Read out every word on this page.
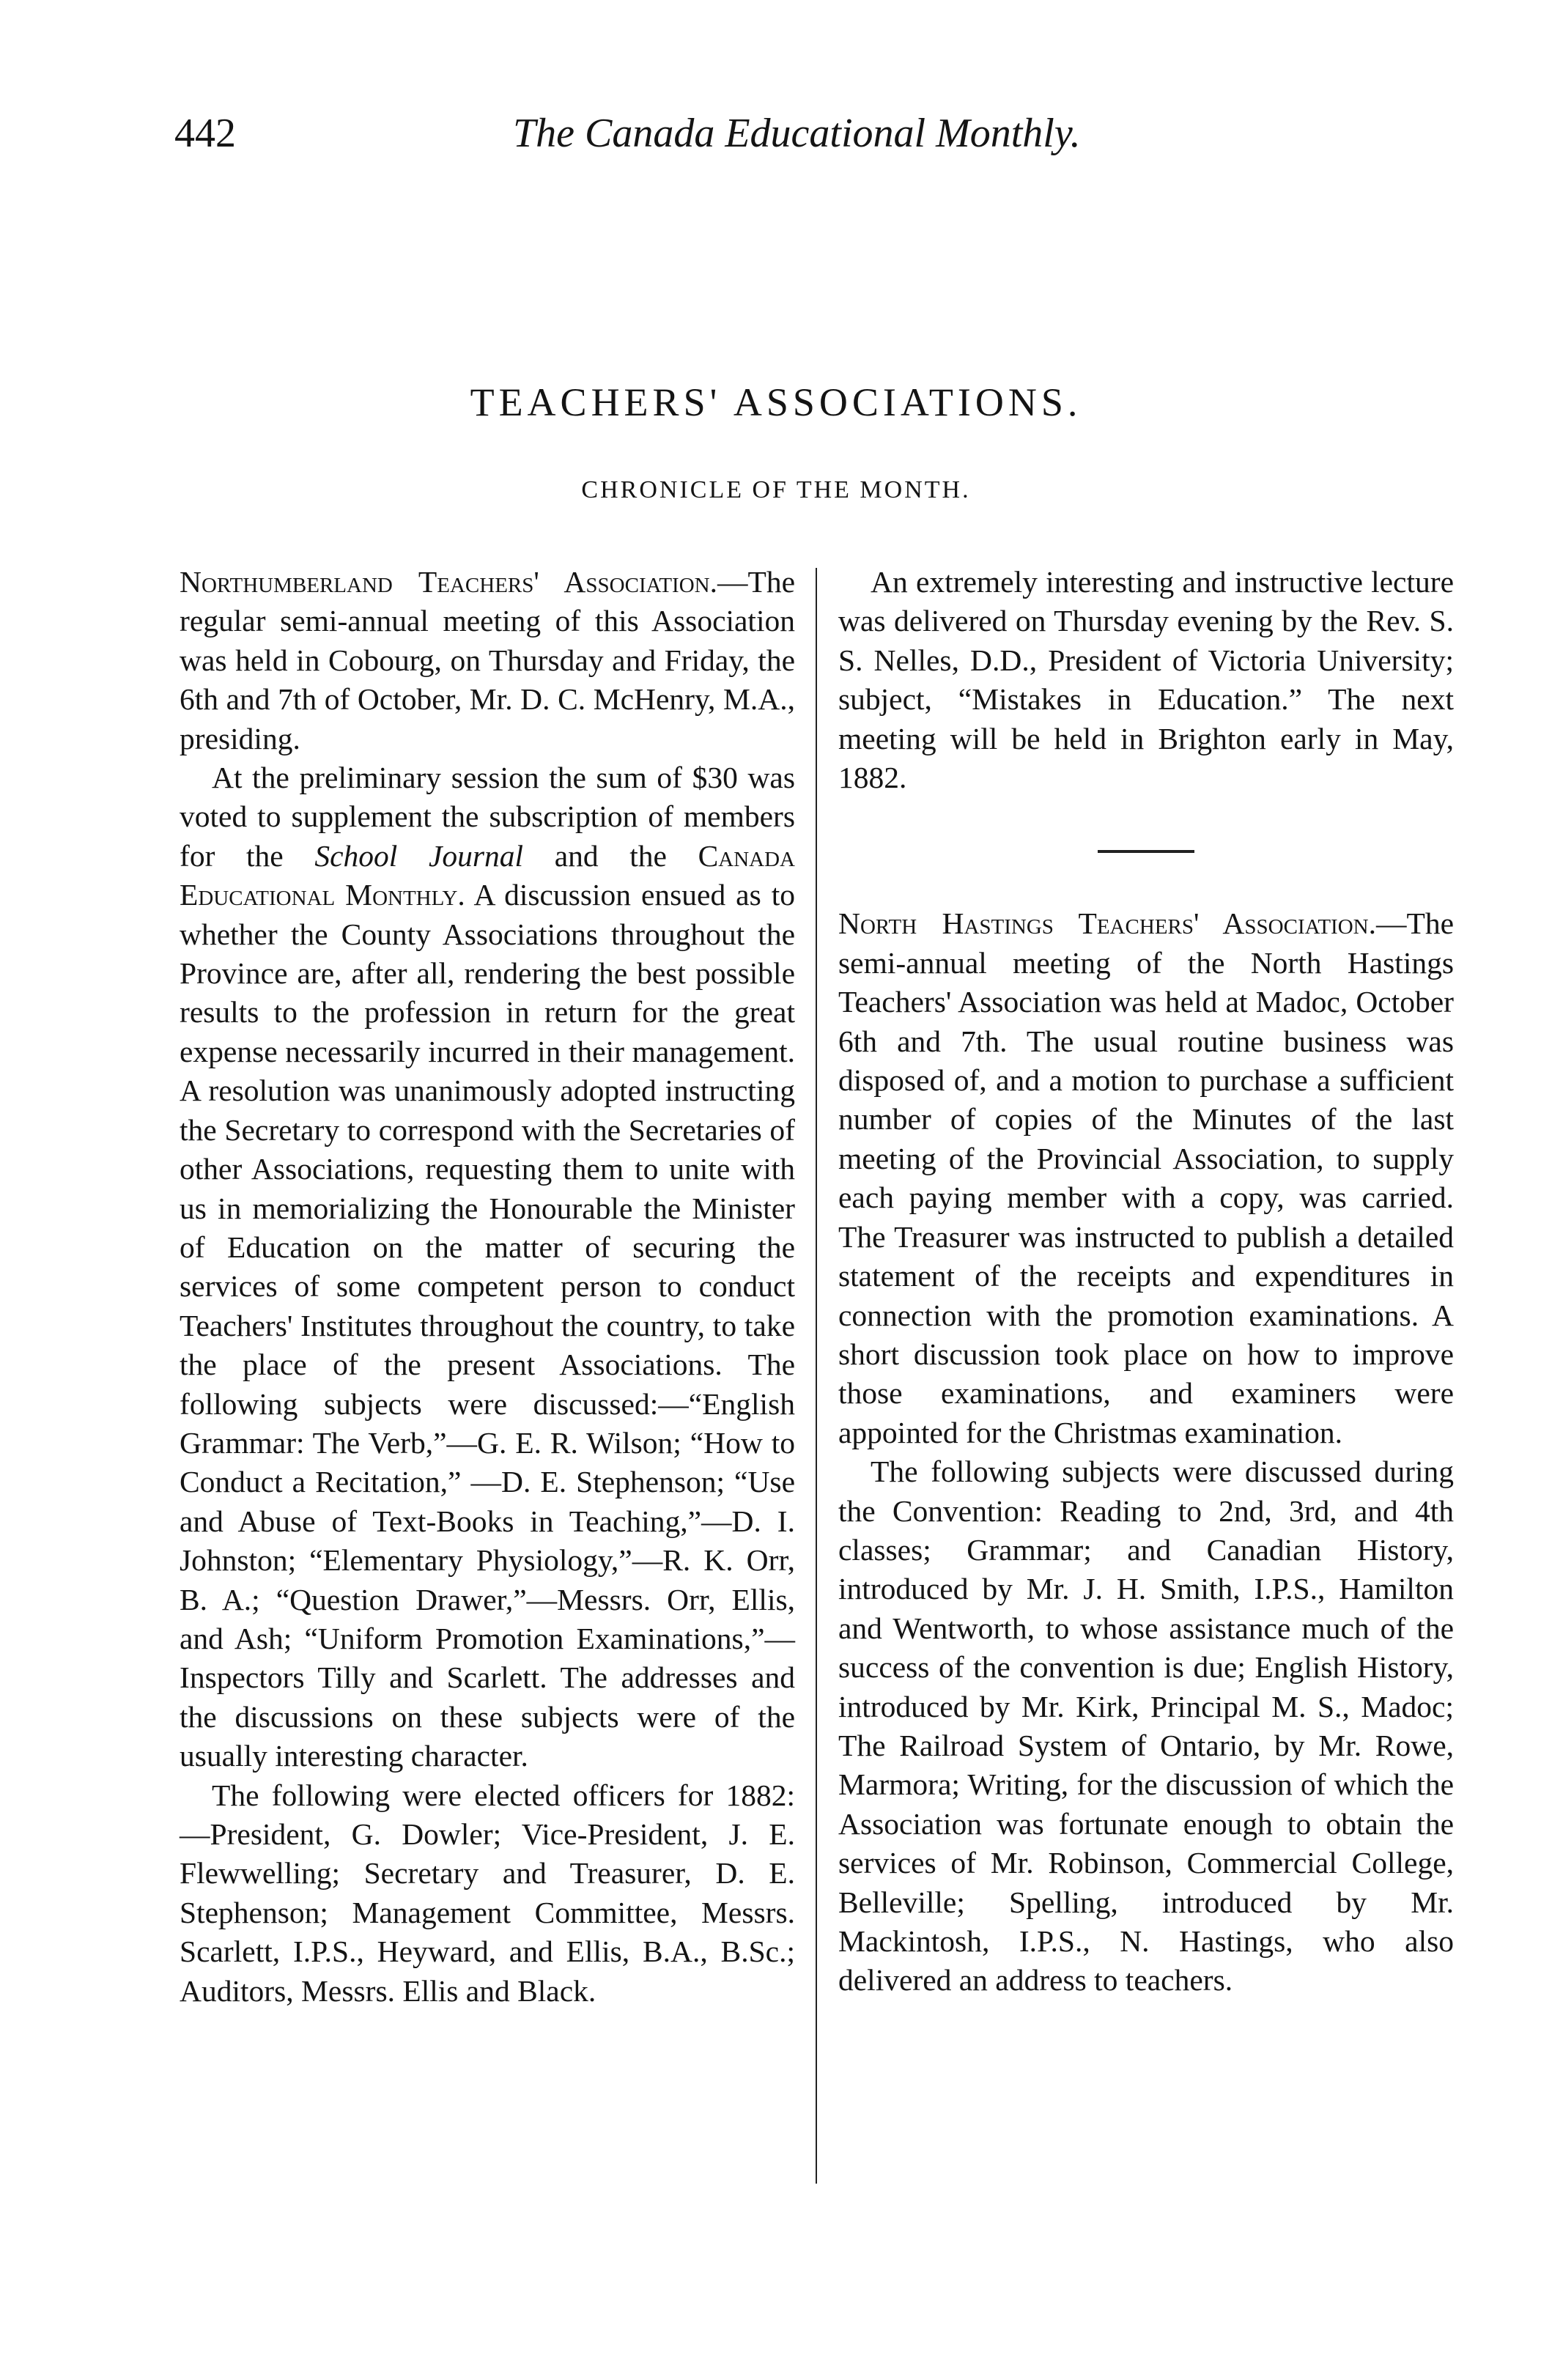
442	The Canada Educational Monthly.
TEACHERS' ASSOCIATIONS.
CHRONICLE OF THE MONTH.

Northumberland Teachers' Association.—The regular semi-annual meeting of this Association was held in Cobourg, on Thursday and Friday, the 6th and 7th of October, Mr. D. C. McHenry, M.A., presiding.

At the preliminary session the sum of $30 was voted to supplement the subscription of members for the School Journal and the Canada Educational Monthly. A discussion ensued as to whether the County Associations throughout the Province are, after all, rendering the best possible results to the profession in return for the great expense necessarily incurred in their management. A resolution was unanimously adopted instructing the Secretary to correspond with the Secretaries of other Associations, requesting them to unite with us in memorializing the Honourable the Minister of Education on the matter of securing the services of some competent person to conduct Teachers' Institutes throughout the country, to take the place of the present Associations. The following subjects were discussed:—“English Grammar: The Verb,”—G. E. R. Wilson; “How to Conduct a Recitation,” —D. E. Stephenson; “Use and Abuse of Text-Books in Teaching,”—D. I. Johnston; “Elementary Physiology,”—R. K. Orr, B. A.; “Question Drawer,”—Messrs. Orr, Ellis, and Ash; “Uniform Promotion Examinations,”—Inspectors Tilly and Scarlett. The addresses and the discussions on these subjects were of the usually interesting character.

The following were elected officers for 1882:—President, G. Dowler; Vice-President, J. E. Flewwelling; Secretary and Treasurer, D. E. Stephenson; Management Committee, Messrs. Scarlett, I.P.S., Heyward, and Ellis, B.A., B.Sc.; Auditors, Messrs. Ellis and Black.

An extremely interesting and instructive lecture was delivered on Thursday evening by the Rev. S. S. Nelles, D.D., President of Victoria University; subject, “Mistakes in Education.” The next meeting will be held in Brighton early in May, 1882.

North Hastings Teachers' Association.—The semi-annual meeting of the North Hastings Teachers' Association was held at Madoc, October 6th and 7th. The usual routine business was disposed of, and a motion to purchase a sufficient number of copies of the Minutes of the last meeting of the Provincial Association, to supply each paying member with a copy, was carried. The Treasurer was instructed to publish a detailed statement of the receipts and expenditures in connection with the promotion examinations. A short discussion took place on how to improve those examinations, and examiners were appointed for the Christmas examination.

The following subjects were discussed during the Convention: Reading to 2nd, 3rd, and 4th classes; Grammar; and Canadian History, introduced by Mr. J. H. Smith, I.P.S., Hamilton and Wentworth, to whose assistance much of the success of the convention is due; English History, introduced by Mr. Kirk, Principal M. S., Madoc; The Railroad System of Ontario, by Mr. Rowe, Marmora; Writing, for the discussion of which the Association was fortunate enough to obtain the services of Mr. Robinson, Commercial College, Belleville; Spelling, introduced by Mr. Mackintosh, I.P.S., N. Hastings, who also delivered an address to teachers.
